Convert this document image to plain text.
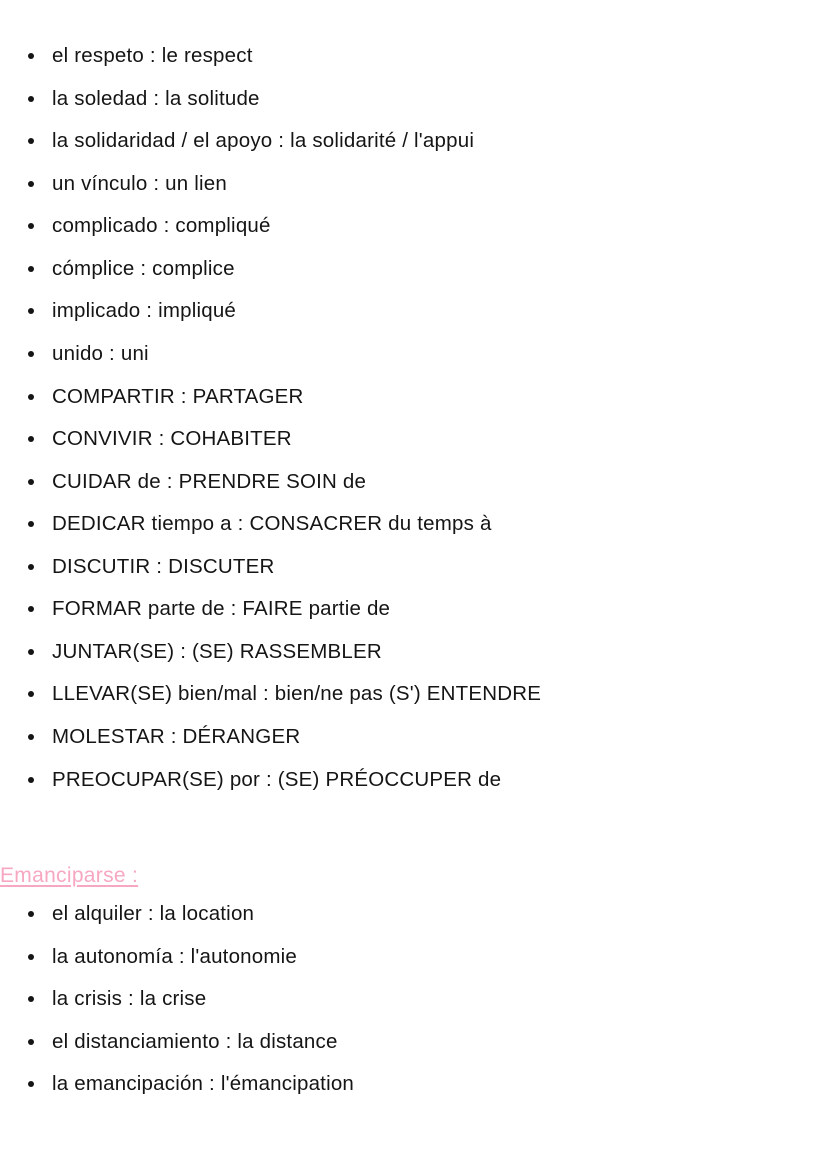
el respeto : le respect
la soledad : la solitude
la solidaridad / el apoyo : la solidarité / l'appui
un vínculo : un lien
complicado : compliqué
cómplice : complice
implicado : impliqué
unido : uni
COMPARTIR : PARTAGER
CONVIVIR : COHABITER
CUIDAR de : PRENDRE SOIN de
DEDICAR tiempo a : CONSACRER du temps à
DISCUTIR : DISCUTER
FORMAR parte de : FAIRE partie de
JUNTAR(SE) : (SE) RASSEMBLER
LLEVAR(SE) bien/mal : bien/ne pas (S') ENTENDRE
MOLESTAR : DÉRANGER
PREOCUPAR(SE) por : (SE) PRÉOCCUPER de
Emanciparse :
el alquiler : la location
la autonomía : l'autonomie
la crisis : la crise
el distanciamiento : la distance
la emancipación : l'émancipation
